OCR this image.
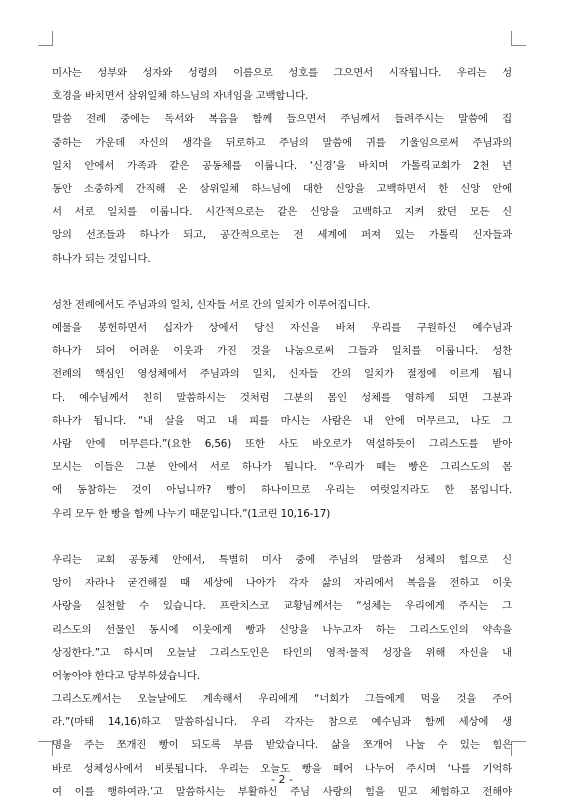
미사는 성부와 성자와 성령의 이름으로 성호를 그으면서 시작됩니다. 우리는 성
호경을 바치면서 삼위일체 하느님의 자녀임을 고백합니다.
말씀 전례 중에는 독서와 복음을 함께 들으면서 주님께서 들려주시는 말씀에 집
중하는 가운데 자신의 생각을 뒤로하고 주님의 말씀에 귀를 기울임으로써 주님과의
일치 안에서 가족과 같은 공동체를 이룹니다. ‘신경’을 바치며 가톨릭교회가 2천 년
동안 소중하게 간직해 온 삼위일체 하느님에 대한 신앙을 고백하면서 한 신앙 안에
서 서로 일치를 이룹니다. 시간적으로는 같은 신앙을 고백하고 지켜 왔던 모든 신
앙의 선조들과 하나가 되고, 공간적으로는 전 세계에 퍼져 있는 가톨릭 신자들과
하나가 되는 것입니다.
성찬 전례에서도 주님과의 일치, 신자들 서로 간의 일치가 이루어집니다.
예물을 봉헌하면서 십자가 상에서 당신 자신을 바쳐 우리를 구원하신 예수님과
하나가 되어 어려운 이웃과 가진 것을 나눔으로써 그들과 일치를 이룹니다. 성찬
전례의 핵심인 영성체에서 주님과의 일치, 신자들 간의 일치가 절정에 이르게 됩니
다. 예수님께서 친히 말씀하시는 것처럼 그분의 몸인 성체를 영하게 되면 그분과
하나가 됩니다. “내 살을 먹고 내 피를 마시는 사람은 내 안에 머무르고, 나도 그
사람 안에 머무른다.”(요한 6,56) 또한 사도 바오로가 역설하듯이 그리스도를 받아
모시는 이들은 그분 안에서 서로 하나가 됩니다. “우리가 떼는 빵은 그리스도의 몸
에 동참하는 것이 아닙니까? 빵이 하나이므로 우리는 여럿일지라도 한 몸입니다.
우리 모두 한 빵을 함께 나누기 때문입니다.”(1코린 10,16-17)
우리는 교회 공동체 안에서, 특별히 미사 중에 주님의 말씀과 성체의 힘으로 신
앙이 자라나 굳건해질 때 세상에 나아가 각자 삶의 자리에서 복음을 전하고 이웃
사랑을 실천할 수 있습니다. 프란치스코 교황님께서는 “성체는 우리에게 주시는 그
리스도의 선물인 동시에 이웃에게 빵과 신앙을 나누고자 하는 그리스도인의 약속을
상징한다.”고 하시며 오늘날 그리스도인은 타인의 영적·물적 성장을 위해 자신을 내
어놓아야 한다고 당부하셨습니다.
그리스도께서는 오늘날에도 계속해서 우리에게 “너희가 그들에게 먹을 것을 주어
라.”(마태 14,16)하고 말씀하십니다. 우리 각자는 참으로 예수님과 함께 세상에 생
명을 주는 쪼개진 빵이 되도록 부름 받았습니다. 삶을 쪼개어 나눌 수 있는 힘은
바로 성체성사에서 비롯됩니다. 우리는 오늘도 빵을 떼어 나누어 주시며 ‘나를 기억하
여 이를 행하여라.’고 말씀하시는 부활하신 주님 사랑의 힘을 믿고 체험하고 전해야
- 2 -
